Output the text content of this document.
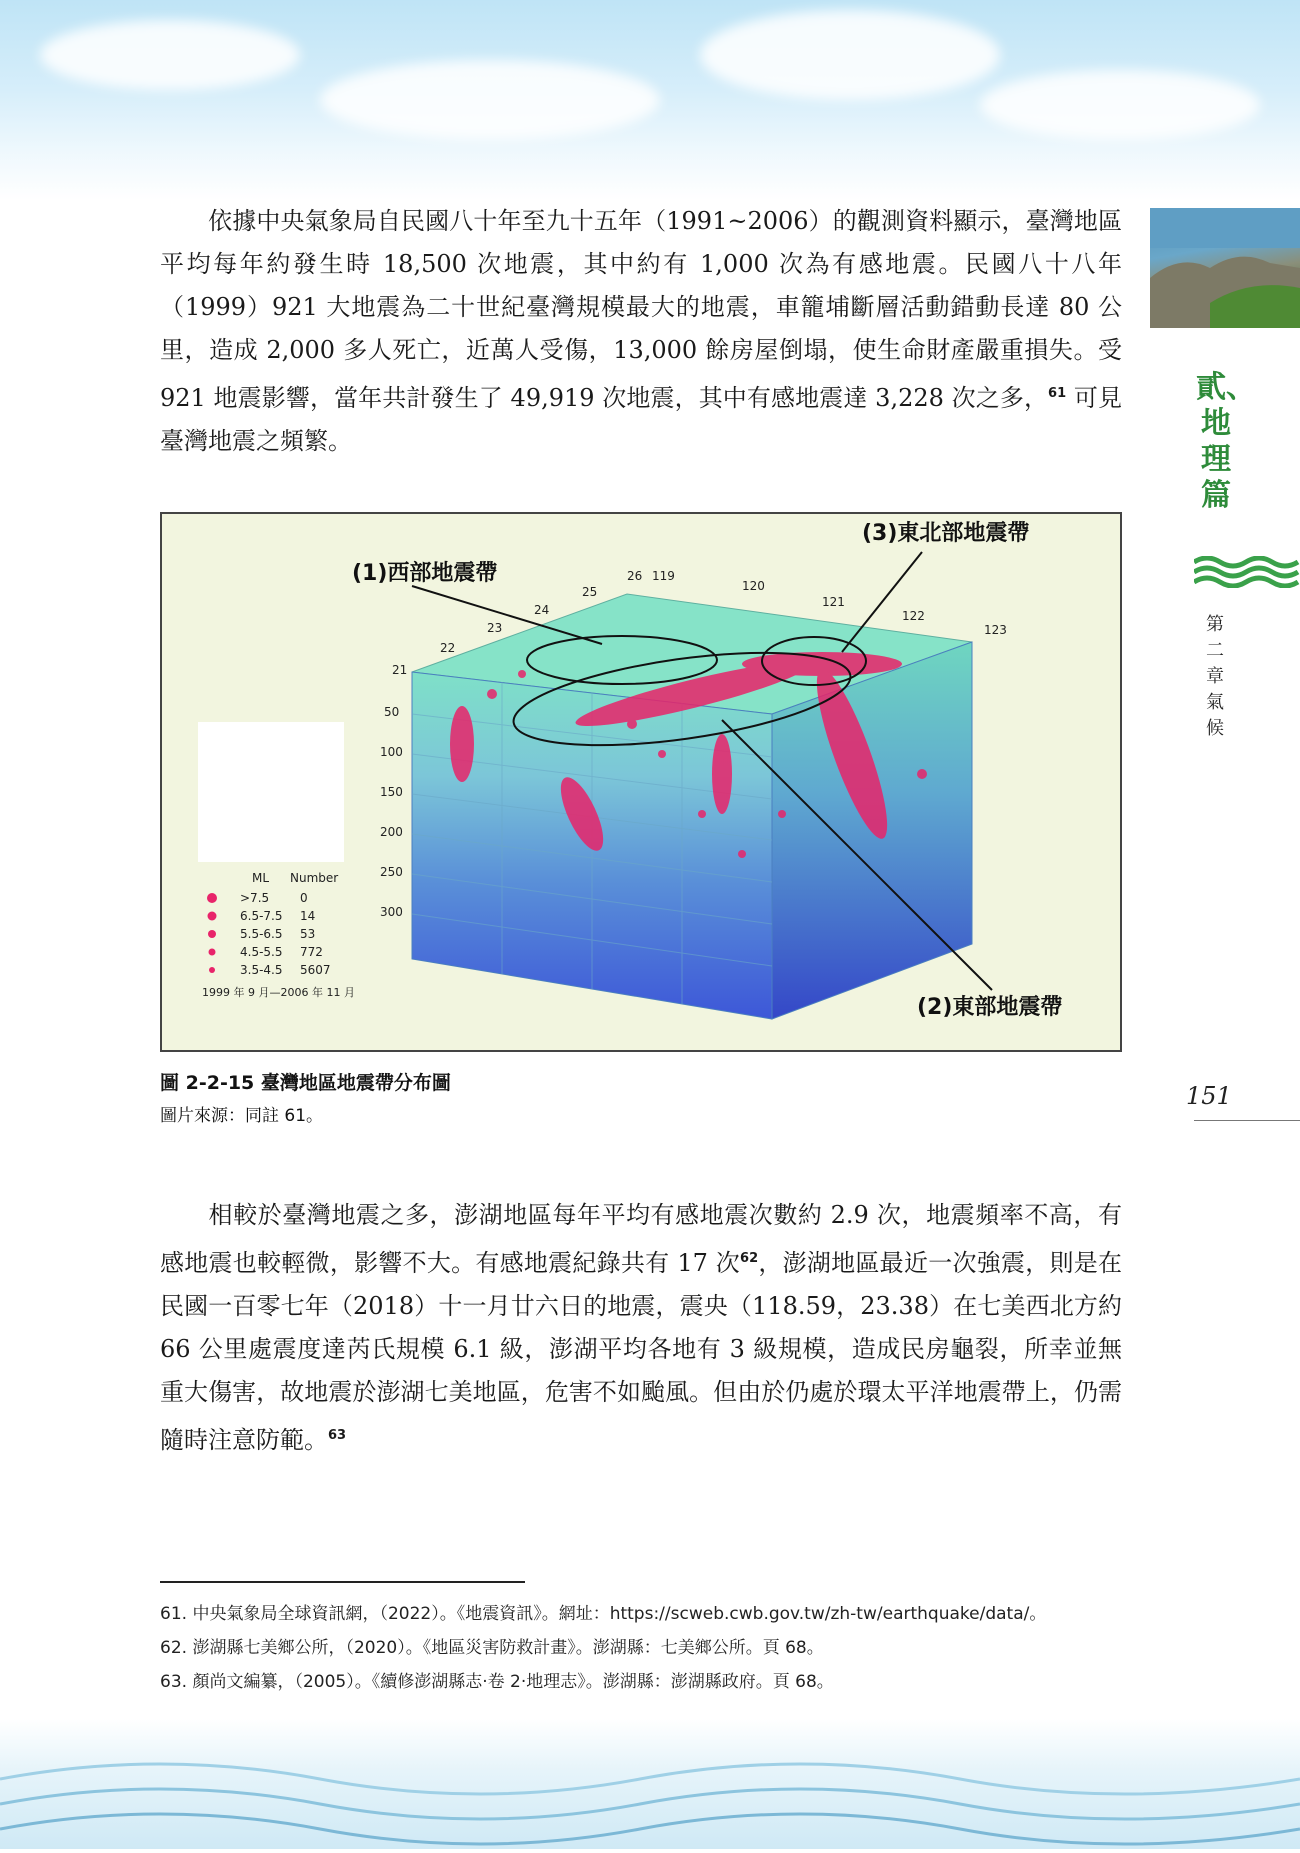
依據中央氣象局自民國八十年至九十五年（1991~2006）的觀測資料顯示，臺灣地區平均每年約發生時 18,500 次地震，其中約有 1,000 次為有感地震。民國八十八年（1999）921 大地震為二十世紀臺灣規模最大的地震，車籠埔斷層活動錯動長達 80 公里，造成 2,000 多人死亡，近萬人受傷，13,000 餘房屋倒塌，使生命財產嚴重損失。受 921 地震影響，當年共計發生了 49,919 次地震，其中有感地震達 3,228 次之多，$^{61}$ 可見臺灣地震之頻繁。

貳、地理篇
第二章 氣候
151
(1)西部地震帶
(3)東北部地震帶
(2)東部地震帶
21
22
23
24
25
26 119
120
121
122
123
50
100
150
200
250
300
ML Number
>7.5	0
6.5-7.5 14
5.5-6.5 53
4.5-5.5 772
3.5-4.5 5607
1999 年 9 月—2006 年 11 月
圖 2-2-15 臺灣地區地震帶分布圖
圖片來源：同註 61。

相較於臺灣地震之多，澎湖地區每年平均有感地震次數約 2.9 次，地震頻率不高，有感地震也較輕微，影響不大。有感地震紀錄共有 17 次$^{62}$，澎湖地區最近一次強震，則是在民國一百零七年（2018）十一月廿六日的地震，震央（118.59，23.38）在七美西北方約 66 公里處震度達芮氏規模 6.1 級，澎湖平均各地有 3 級規模，造成民房龜裂，所幸並無重大傷害，故地震於澎湖七美地區，危害不如颱風。但由於仍處於環太平洋地震帶上，仍需隨時注意防範。$^{63}$

61. 中央氣象局全球資訊網，（2022）。《地震資訊》。網址：https://scweb.cwb.gov.tw/zh-tw/earthquake/data/。
62. 澎湖縣七美鄉公所，（2020）。《地區災害防救計畫》。澎湖縣：七美鄉公所。頁 68。
63. 顏尚文編纂，（2005）。《續修澎湖縣志‧卷 2‧地理志》。澎湖縣：澎湖縣政府。頁 68。
